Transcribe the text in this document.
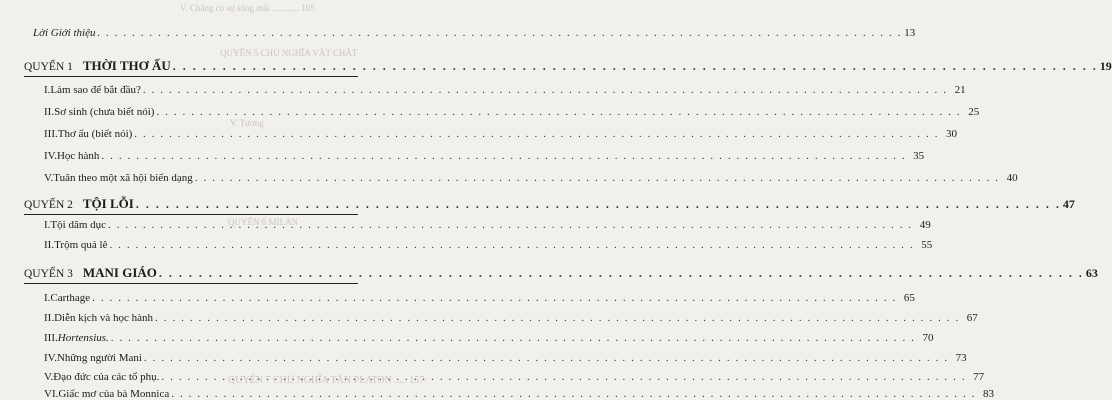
V. Chẳng có sự sống mãi ............ 105
QUYỂN 5 CHỦ NGHĨA VẬT CHẤT
V. Tương
QUYỂN 6 MILAN
QUYỂN 7 CHỦ NGHĨA TÂN PLATON ..... 157
Lời Giới thiệu . . .	13
QUYỂN 1 THỜI THƠ ẤU . . .	19
I. Làm sao để bắt đầu? . . .	21
II. Sơ sinh (chưa biết nói) . . .	25
III. Thơ ấu (biết nói) . . .	30
IV. Học hành . . .	35
V. Tuân theo một xã hội biến dạng . . .	40
QUYỂN 2 TỘI LỖI . . .	47
I. Tội dâm dục . . .	49
II. Trộm quả lê . . .	55
QUYỂN 3 MANI GIÁO . . .	63
I. Carthage . . .	65
II. Diễn kịch và học hành . . .	67
III. Hortensius. . . .	70
IV. Những người Mani . . .	73
V. Đạo đức của các tổ phụ. . . .	77
VI. Giấc mơ của bà Monnica . . .	83
